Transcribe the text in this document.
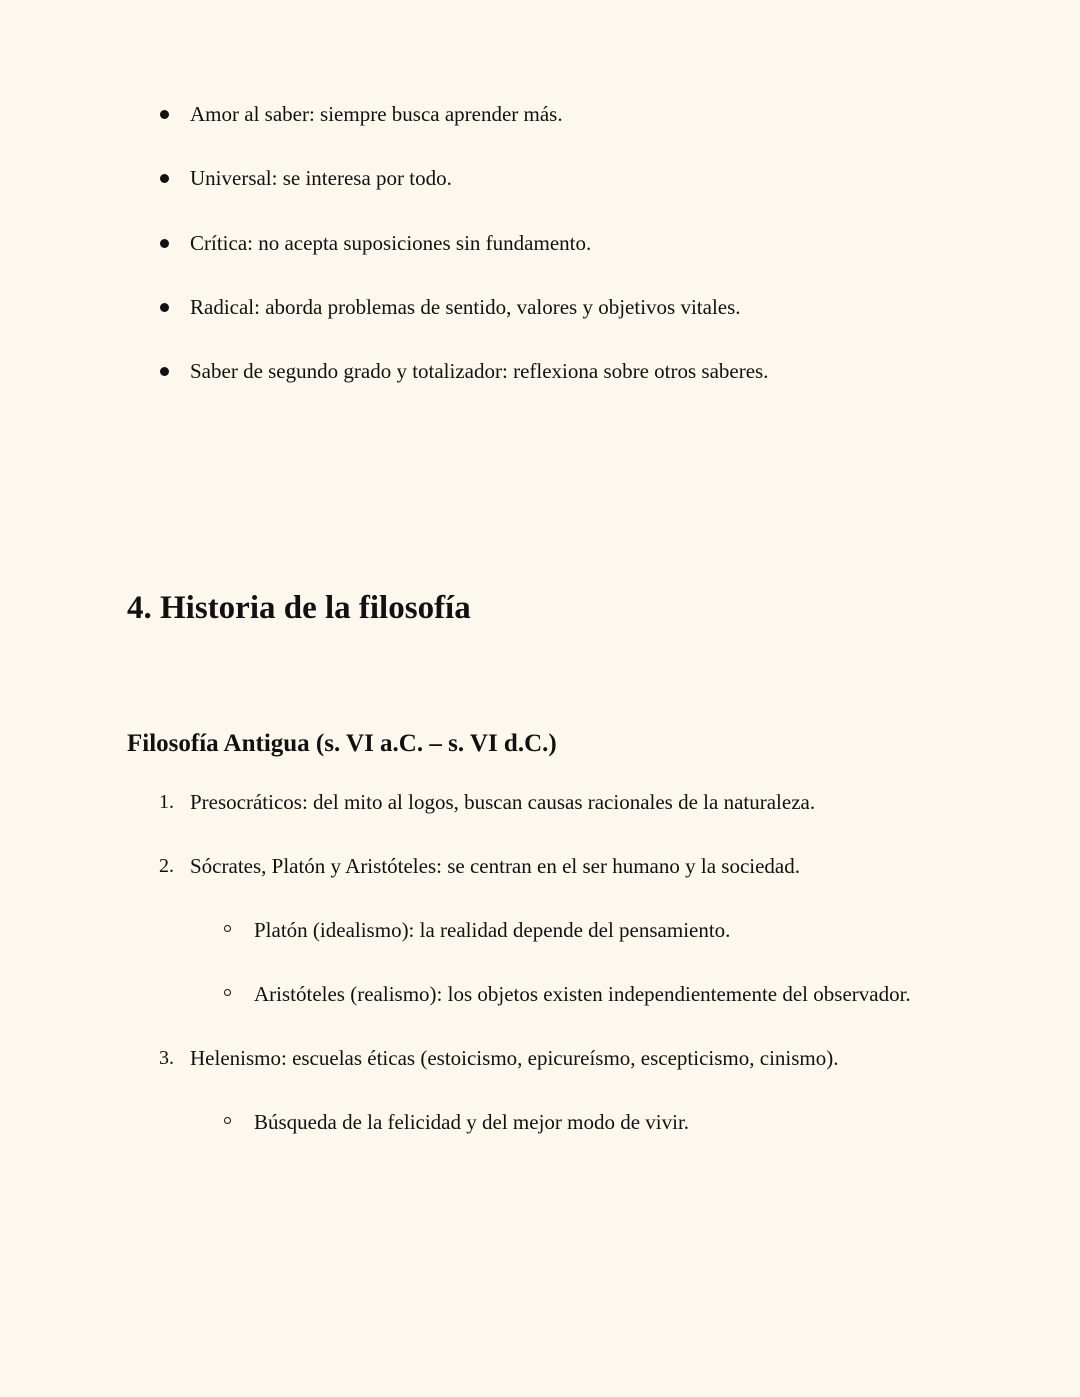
Amor al saber: siempre busca aprender más.
Universal: se interesa por todo.
Crítica: no acepta suposiciones sin fundamento.
Radical: aborda problemas de sentido, valores y objetivos vitales.
Saber de segundo grado y totalizador: reflexiona sobre otros saberes.
4. Historia de la filosofía
Filosofía Antigua (s. VI a.C. – s. VI d.C.)
1. Presocráticos: del mito al logos, buscan causas racionales de la naturaleza.
2. Sócrates, Platón y Aristóteles: se centran en el ser humano y la sociedad.
Platón (idealismo): la realidad depende del pensamiento.
Aristóteles (realismo): los objetos existen independientemente del observador.
3. Helenismo: escuelas éticas (estoicismo, epicureísmo, escepticismo, cinismo).
Búsqueda de la felicidad y del mejor modo de vivir.
